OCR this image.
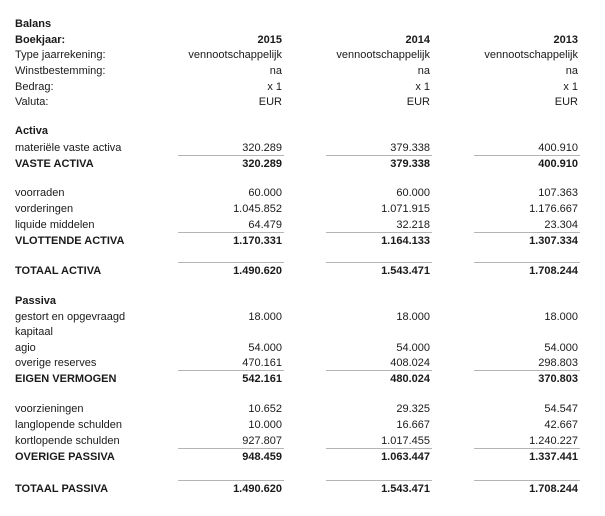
Balans
Boekjaar:	2015	2014	2013
Type jaarrekening:	vennootschappelijk	vennootschappelijk	vennootschappelijk
Winstbestemming:	na	na	na
Bedrag:	x 1	x 1	x 1
Valuta:	EUR	EUR	EUR
Activa
materiële vaste activa	320.289	379.338	400.910
VASTE ACTIVA	320.289	379.338	400.910
voorraden	60.000	60.000	107.363
vorderingen	1.045.852	1.071.915	1.176.667
liquide middelen	64.479	32.218	23.304
VLOTTENDE ACTIVA	1.170.331	1.164.133	1.307.334
TOTAAL ACTIVA	1.490.620	1.543.471	1.708.244
Passiva
gestort en opgevraagd kapitaal
18.000	18.000	18.000
agio	54.000	54.000	54.000
overige reserves	470.161	408.024	298.803
EIGEN VERMOGEN	542.161	480.024	370.803
voorzieningen	10.652	29.325	54.547
langlopende schulden	10.000	16.667	42.667
kortlopende schulden	927.807	1.017.455	1.240.227
OVERIGE PASSIVA	948.459	1.063.447	1.337.441
TOTAAL PASSIVA	1.490.620	1.543.471	1.708.244
